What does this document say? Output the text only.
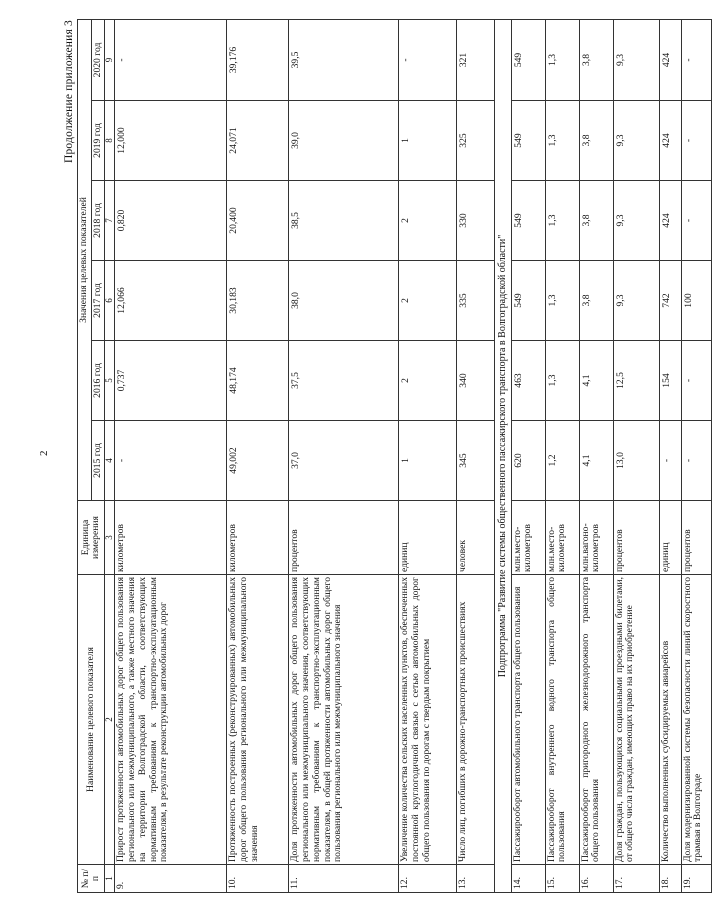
2
Продолжение приложения 3
№ п/п	Наименование целевого показателя	Единица измерения	Значения целевых показателей					
			2015 год	2016 год	2017 год	2018 год	2019 год	2020 год
1	2	3	4	5	6	7	8	9
9.	Прирост протяженности автомобильных дорог общего пользования регионального или межмуниципального, а также местного значения на территории Волгоградской области, соответствующих нормативным требованиям к транспортно-эксплуатационным показателям, в результате реконструкции автомобильных дорог	километров	-	0,737	12,066	0,820	12,000	-
10.	Протяженность построенных (реконструированных) автомобильных дорог общего пользования регионального или межмуниципального значения	километров	49,002	48,174	30,183	20,400	24,071	39,176
11.	Доля протяженности автомобильных дорог общего пользования регионального или межмуниципального значения, соответствующих нормативным требованиям к транспортно-эксплуатационным показателям, в общей протяженности автомобильных дорог общего пользования регионального или межмуниципального значения	процентов	37,0	37,5	38,0	38,5	39,0	39,5
12.	Увеличение количества сельских населенных пунктов, обеспеченных постоянной круглогодичной связью с сетью автомобильных дорог общего пользования по дорогам с твердым покрытием	единиц	1	2	2	2	1	-
13.	Число лиц, погибших в дорожно-транспортных происшествиях	человек	345	340	335	330	325	321
Подпрограмма "Развитие системы общественного пассажирского транспорта в Волгоградской области"								
14.	Пассажирооборот автомобильного транспорта общего пользования	млн.место-километров	620	463	549	549	549	549
15.	Пассажирооборот внутреннего водного транспорта общего пользования	млн.место-километров	1,2	1,3	1,3	1,3	1,3	1,3
16.	Пассажирооборот пригородного железнодорожного транспорта общего пользования	млн.вагоно-километров	4,1	4,1	3,8	3,8	3,8	3,8
17.	Доля граждан, пользующихся социальными проездными билетами, от общего числа граждан, имеющих право на их приобретение	процентов	13,0	12,5	9,3	9,3	9,3	9,3
18.	Количество выполненных субсидируемых авиарейсов	единиц	-	154	742	424	424	424
19.	Доля модернизированной системы безопасности линий скоростного трамвая в Волгограде	процентов	-	-	100	-	-	-
